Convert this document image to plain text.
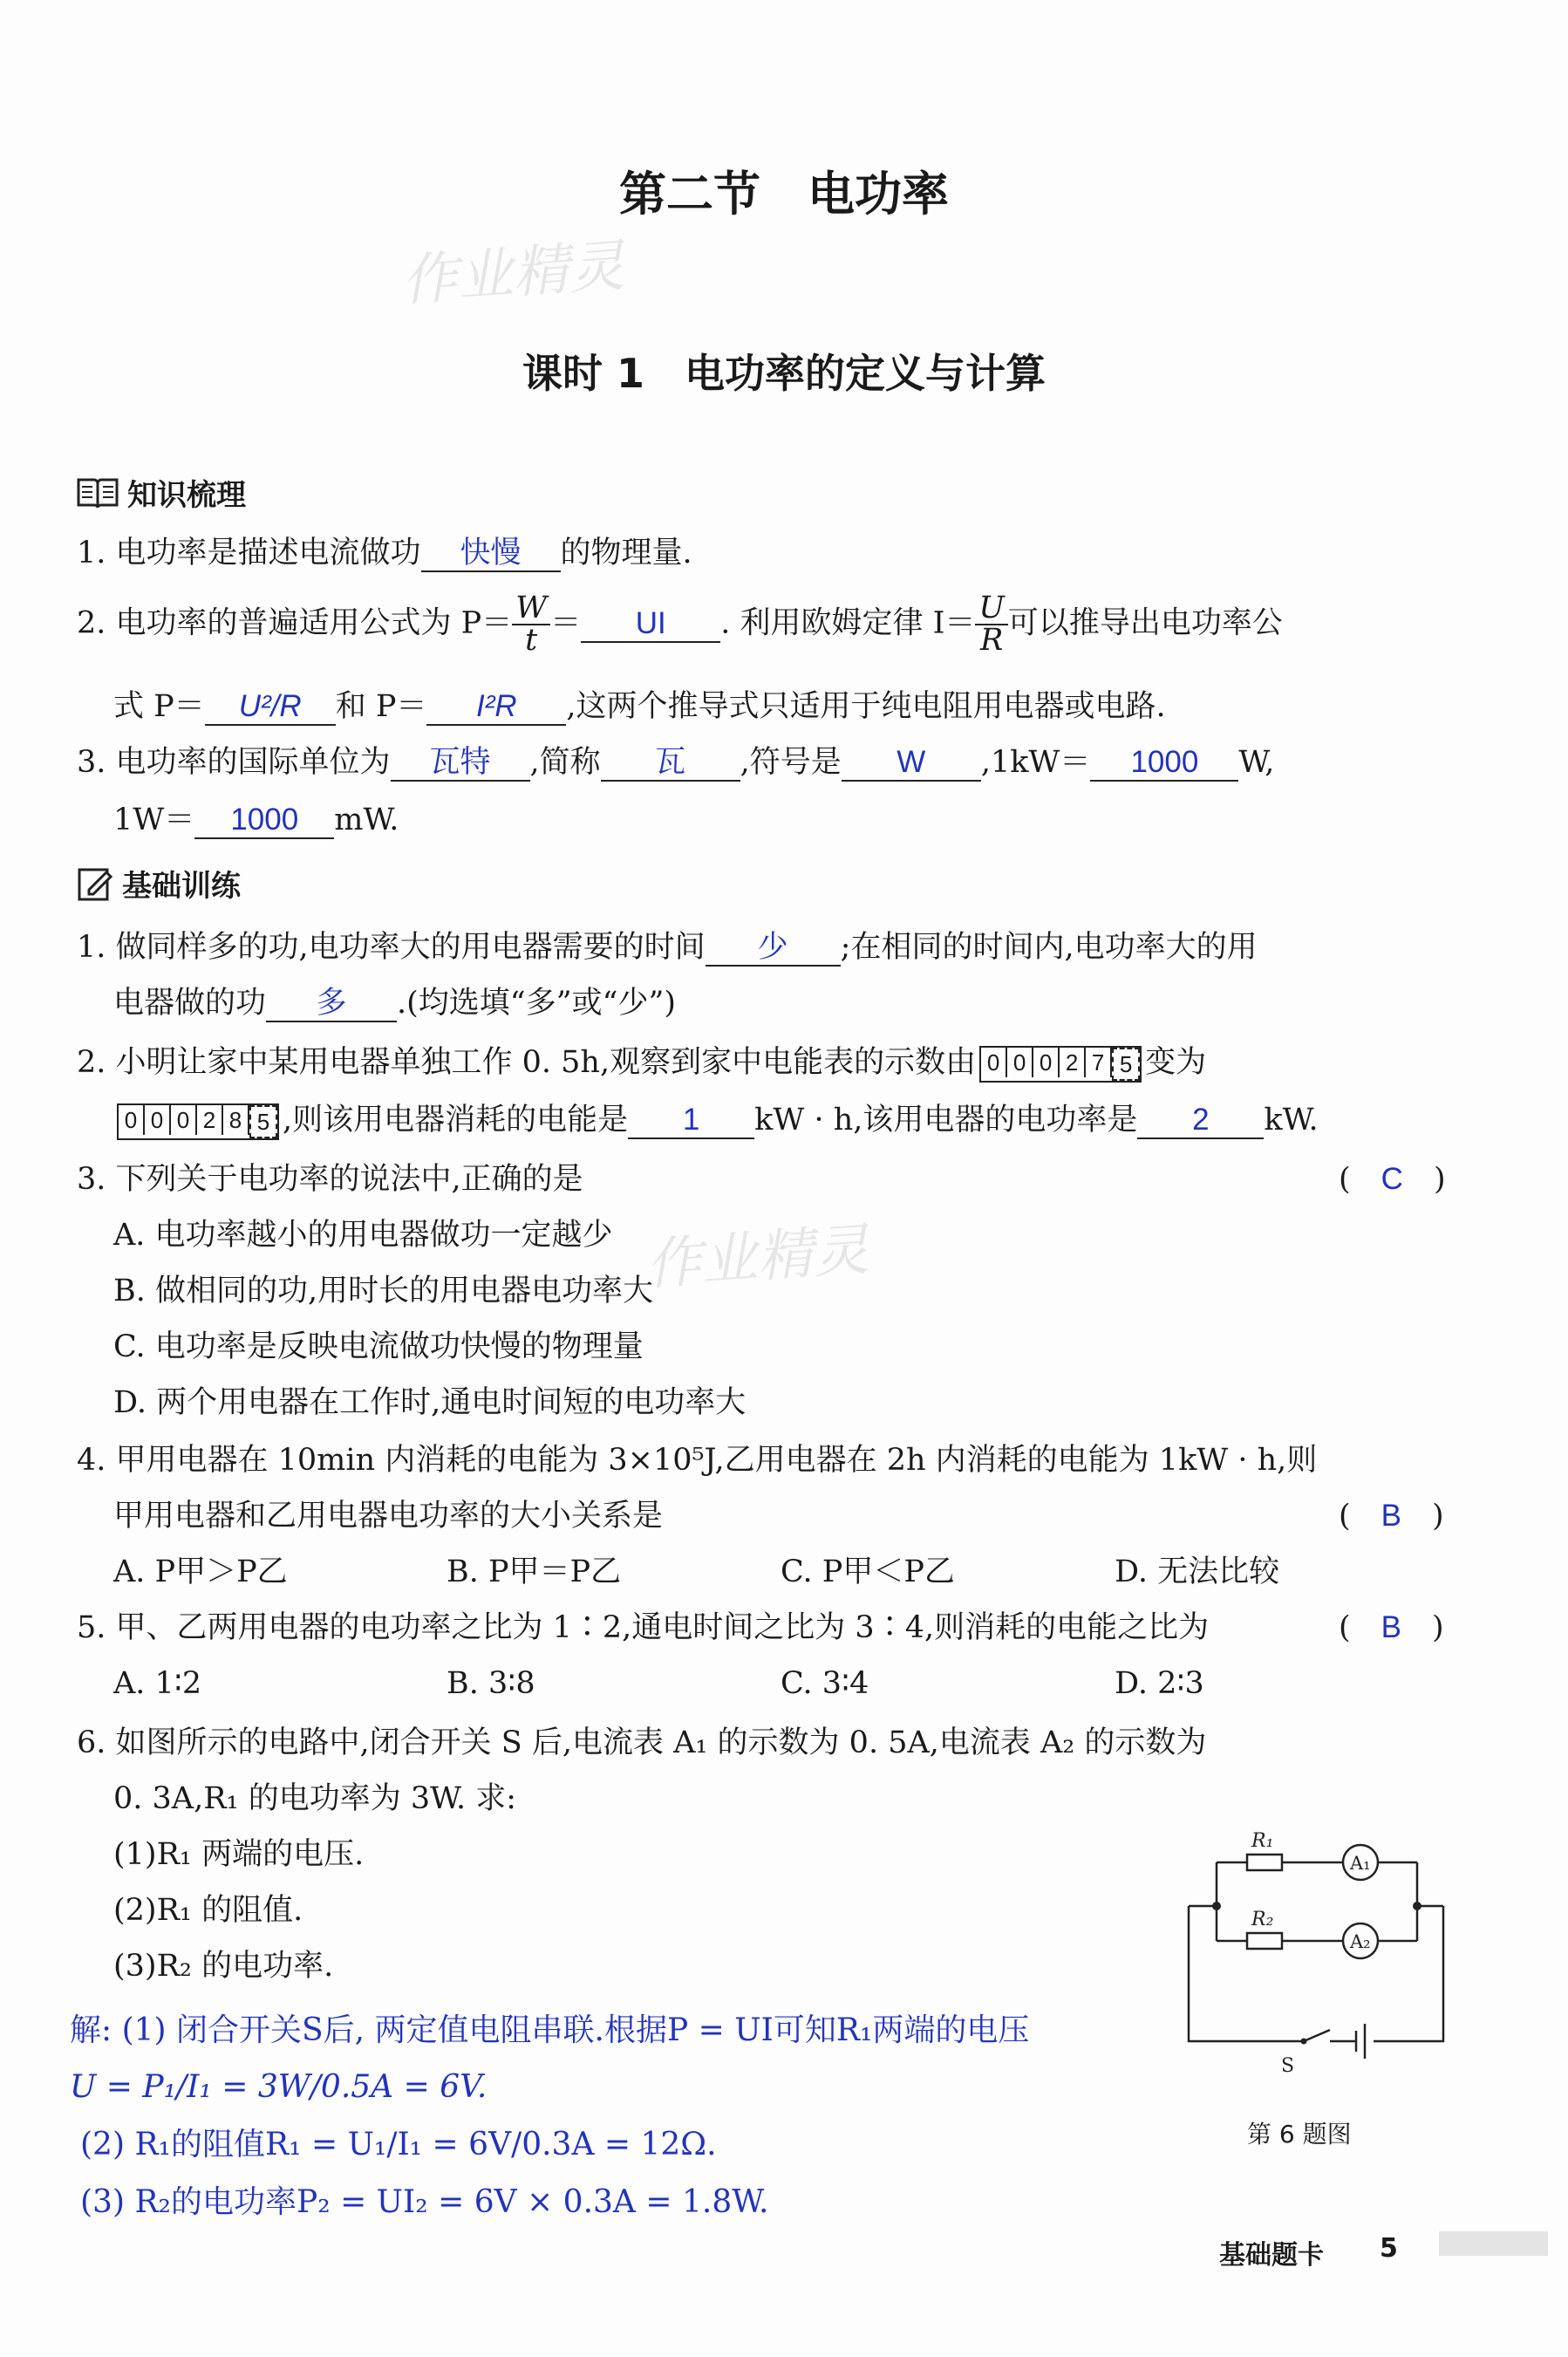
第二节　电功率
作业精灵
作业精灵
课时 1　电功率的定义与计算
知识梳理
1. 电功率是描述电流做功 快慢 的物理量.
2. 电功率的普遍适用公式为 $P= \frac{W}{t}$ ＝ UI . 利用欧姆定律 $I= \frac{U}{R}$ 可以推导出电功率公
式 P＝ U²/R 和 P＝ I²R ,这两个推导式只适用于纯电阻用电器或电路.
3. 电功率的国际单位为 瓦特 ,简称 瓦 ,符号是 W ,1kW＝ 1000 W,
1W＝ 1000 mW.
基础训练
1. 做同样多的功,电功率大的用电器需要的时间 少 ;在相同的时间内,电功率大的用
电器做的功 多 .(均选填“多”或“少”)
2. 小明让家中某用电器单独工作 0. 5h,观察到家中电能表的示数由 0 0 0 2 7 5 变为
0 0 0 2 8 5 ,则该用电器消耗的电能是 1 kW · h,该用电器的电功率是 2 kW.
3. 下列关于电功率的说法中,正确的是	(　C　)
A. 电功率越小的用电器做功一定越少
B. 做相同的功,用时长的用电器电功率大
C. 电功率是反映电流做功快慢的物理量
D. 两个用电器在工作时,通电时间短的电功率大
4. 甲用电器在 10min 内消耗的电能为 3×10⁵J,乙用电器在 2h 内消耗的电能为 1kW · h,则
甲用电器和乙用电器电功率的大小关系是	(　B　)
A. P甲＞P乙	B. P甲＝P乙	C. P甲＜P乙	D. 无法比较
5. 甲、乙两用电器的电功率之比为 1∶2,通电时间之比为 3∶4,则消耗的电能之比为	(　B　)
A. 1∶2	B. 3∶8	C. 3∶4	D. 2∶3
6. 如图所示的电路中,闭合开关 S 后,电流表 A₁ 的示数为 0. 5A,电流表 A₂ 的示数为
0. 3A,R₁ 的电功率为 3W. 求:
(1)R₁ 两端的电压.
(2)R₁ 的阻值.
(3)R₂ 的电功率.
R₁
R₂
A₁
A₂
S
第 6 题图
解: (1) 闭合开关S后, 两定值电阻串联.根据P = UI可知R₁两端的电压
U = P₁/I₁ = 3W/0.5A = 6V.
(2) R₁的阻值R₁ = U₁/I₁ = 6V/0.3A = 12Ω.
(3) R₂的电功率P₂ = UI₂ = 6V × 0.3A = 1.8W.
基础题卡 5
